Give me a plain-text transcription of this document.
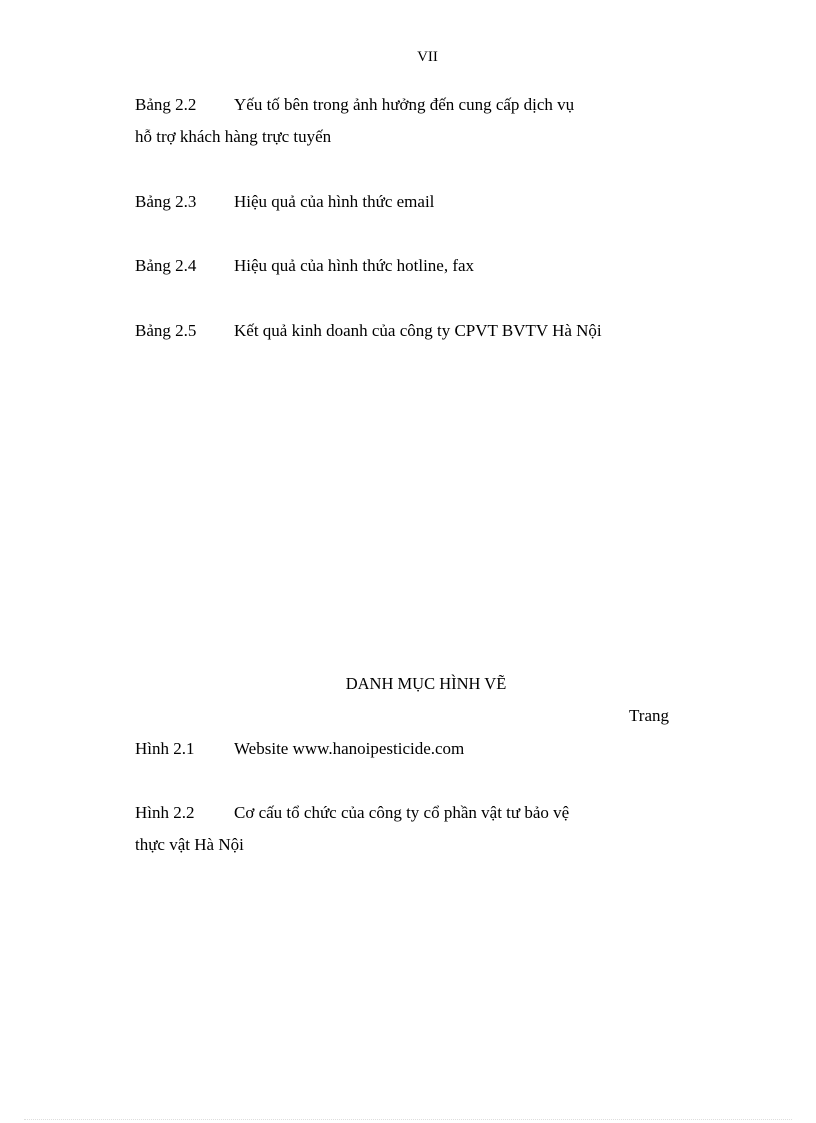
VII
Bảng 2.2 Yếu tố bên trong ảnh hưởng đến cung cấp dịch vụ
hỗ trợ khách hàng trực tuyến
Bảng 2.3 Hiệu quả của hình thức email
Bảng 2.4 Hiệu quả của hình thức hotline, fax
Bảng 2.5 Kết quả kinh doanh của công ty CPVT BVTV Hà Nội
DANH MỤC HÌNH VẼ
Trang
Hình 2.1 Website www.hanoipesticide.com
Hình 2.2 Cơ cấu tổ chức của công ty cổ phần vật tư bảo vệ
thực vật Hà Nội
